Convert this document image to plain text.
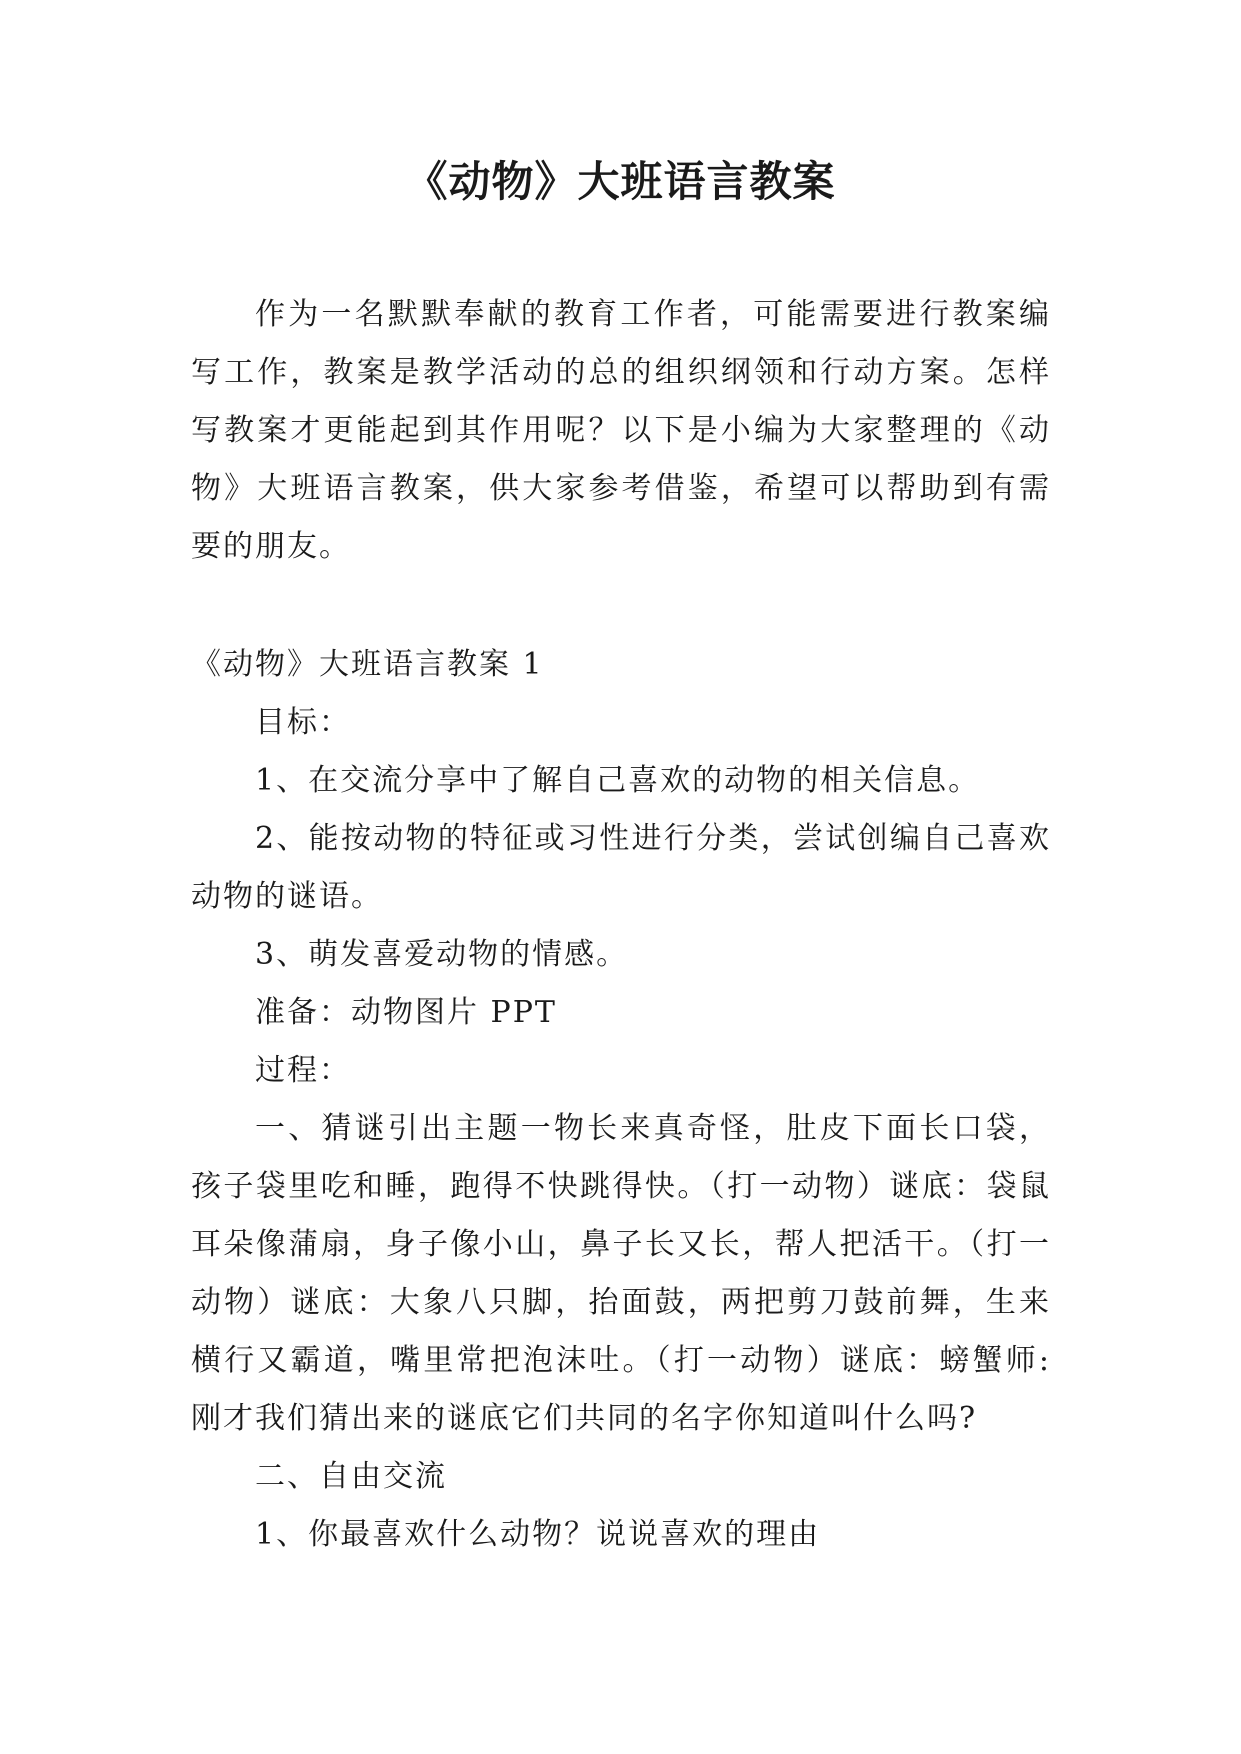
《动物》大班语言教案

作为一名默默奉献的教育工作者，可能需要进行教案编写工作，教案是教学活动的总的组织纲领和行动方案。怎样写教案才更能起到其作用呢？以下是小编为大家整理的《动物》大班语言教案，供大家参考借鉴，希望可以帮助到有需要的朋友。

《动物》大班语言教案 1

目标：

1、在交流分享中了解自己喜欢的动物的相关信息。

2、能按动物的特征或习性进行分类，尝试创编自己喜欢动物的谜语。

3、萌发喜爱动物的情感。

准备：动物图片 PPT

过程：

一、猜谜引出主题一物长来真奇怪，肚皮下面长口袋，孩子袋里吃和睡，跑得不快跳得快。（打一动物）谜底：袋鼠耳朵像蒲扇，身子像小山，鼻子长又长，帮人把活干。（打一动物）谜底：大象八只脚，抬面鼓，两把剪刀鼓前舞，生来横行又霸道，嘴里常把泡沫吐。（打一动物）谜底：螃蟹师: 刚才我们猜出来的谜底它们共同的名字你知道叫什么吗?

二、自由交流

1、你最喜欢什么动物？说说喜欢的理由
